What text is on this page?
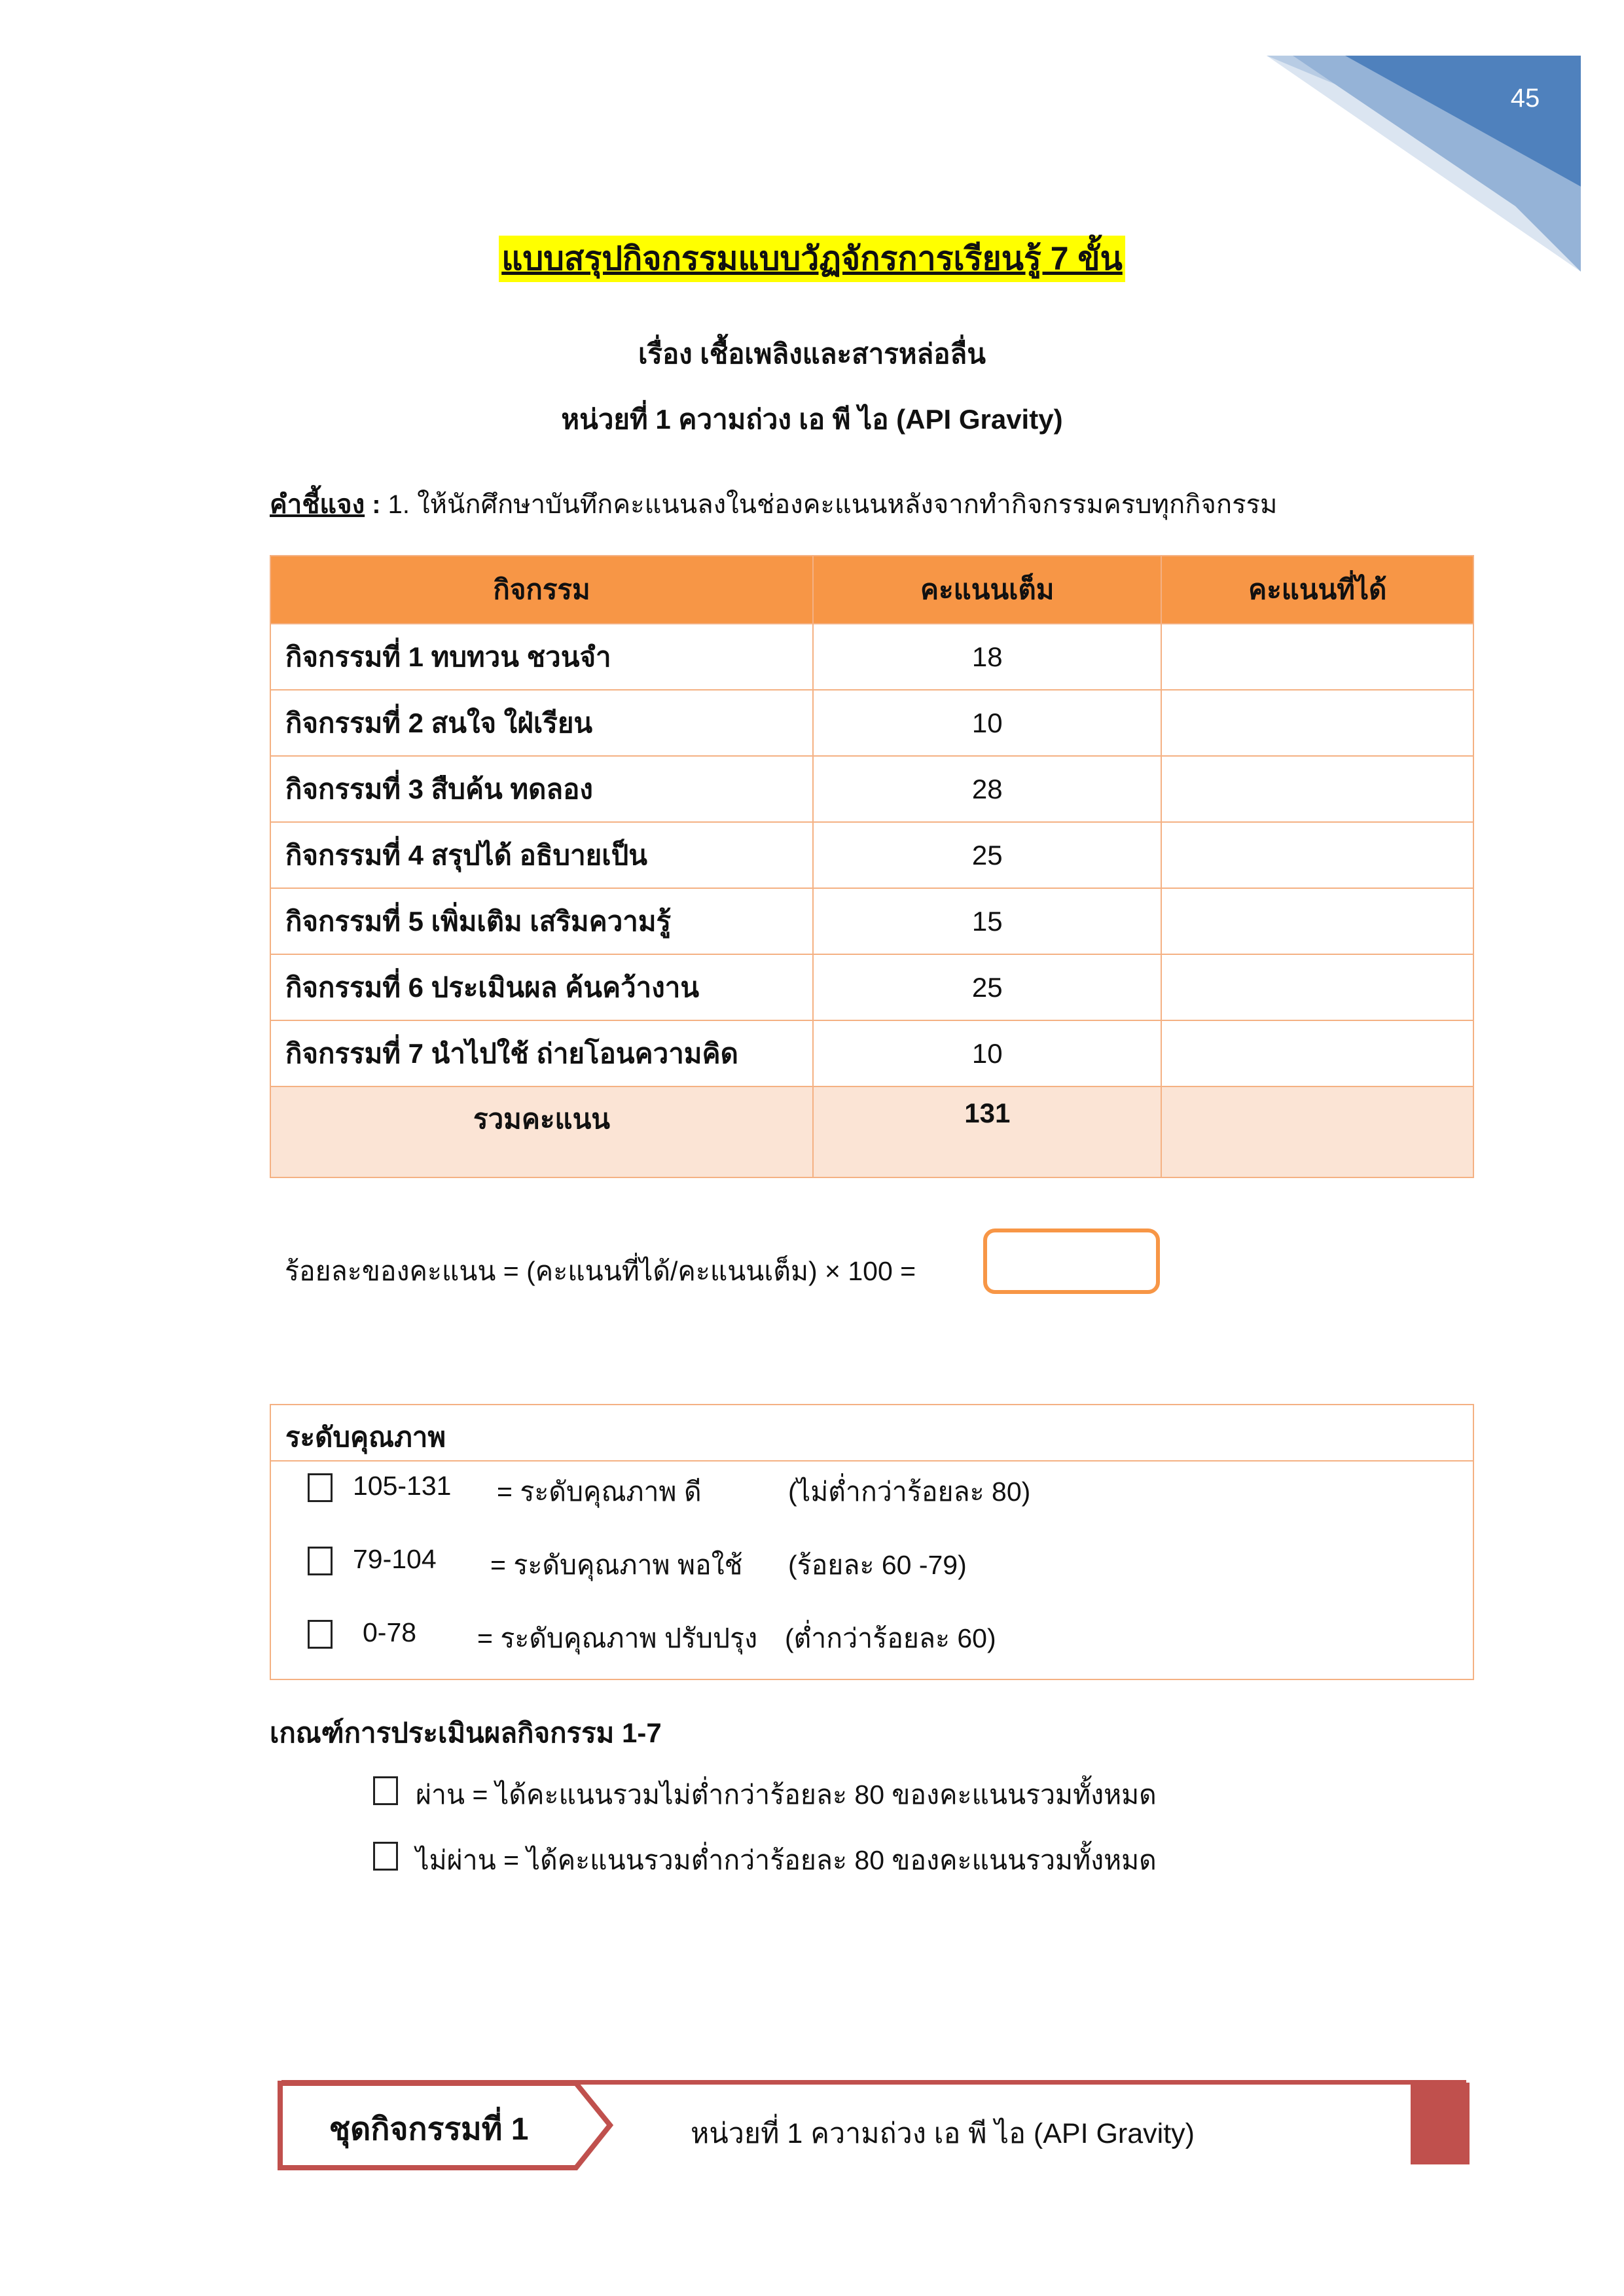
45
แบบสรุปกิจกรรมแบบวัฏจักรการเรียนรู้ 7 ขั้น
เรื่อง เชื้อเพลิงและสารหล่อลื่น
หน่วยที่ 1 ความถ่วง เอ พี ไอ (API Gravity)
คำชี้แจง : 1. ให้นักศึกษาบันทึกคะแนนลงในช่องคะแนนหลังจากทำกิจกรรมครบทุกกิจกรรม
กิจกรรม	คะแนนเต็ม	คะแนนที่ได้
กิจกรรมที่ 1 ทบทวน ชวนจำ	18	
กิจกรรมที่ 2 สนใจ ใฝ่เรียน	10	
กิจกรรมที่ 3 สืบค้น ทดลอง	28	
กิจกรรมที่ 4 สรุปได้ อธิบายเป็น	25	
กิจกรรมที่ 5 เพิ่มเติม เสริมความรู้	15	
กิจกรรมที่ 6 ประเมินผล ค้นคว้างาน	25	
กิจกรรมที่ 7 นำไปใช้ ถ่ายโอนความคิด	10	
รวมคะแนน	131	
ร้อยละของคะแนน = (คะแนนที่ได้/คะแนนเต็ม) × 100 =
ระดับคุณภาพ
105-131 = ระดับคุณภาพ ดี	(ไม่ต่ำกว่าร้อยละ 80)
79-104 = ระดับคุณภาพ พอใช้ (ร้อยละ 60 -79)
0-78 = ระดับคุณภาพ ปรับปรุง (ต่ำกว่าร้อยละ 60)
เกณฑ์การประเมินผลกิจกรรม 1-7
ผ่าน = ได้คะแนนรวมไม่ต่ำกว่าร้อยละ 80 ของคะแนนรวมทั้งหมด
ไม่ผ่าน = ได้คะแนนรวมต่ำกว่าร้อยละ 80 ของคะแนนรวมทั้งหมด
ชุดกิจกรรมที่ 1	หน่วยที่ 1 ความถ่วง เอ พี ไอ (API Gravity)
